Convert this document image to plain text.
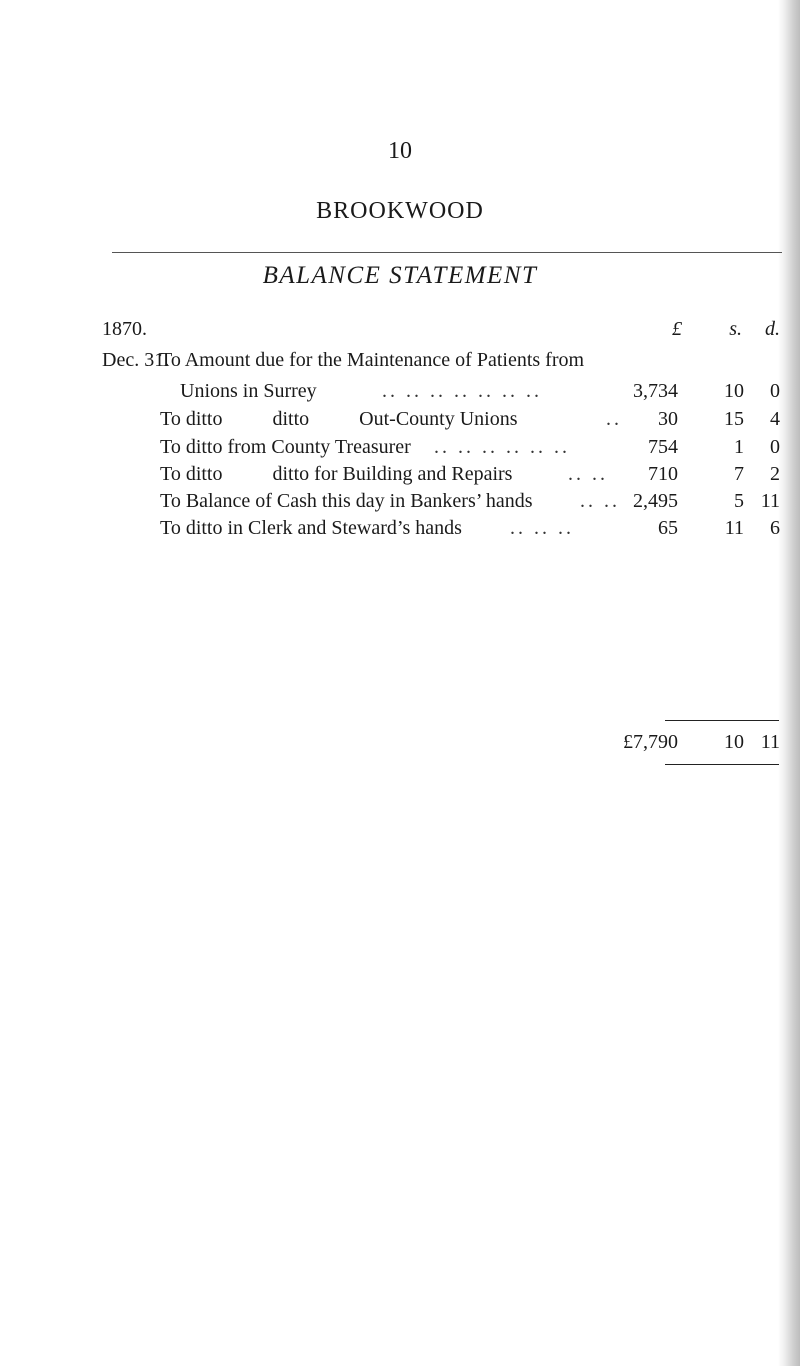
10
BROOKWOOD
BALANCE STATEMENT
1870.
Dec. 31.
£ s. d.
To Amount due for the Maintenance of Patients from
Unions in Surrey	.. .. .. .. .. .. ..	3,734 10 0
To ditto          ditto          Out-County Unions	.. 30 15 4
To ditto from County Treasurer .. .. .. .. .. ..	754	1 0
To ditto          ditto for Building and Repairs	.. .. 710	7 2
To Balance of Cash this day in Bankers’ hands .. .. 2,495	5 11
To ditto in Clerk and Steward’s hands .. .. ..	65 11 6
£7,790 10 11
